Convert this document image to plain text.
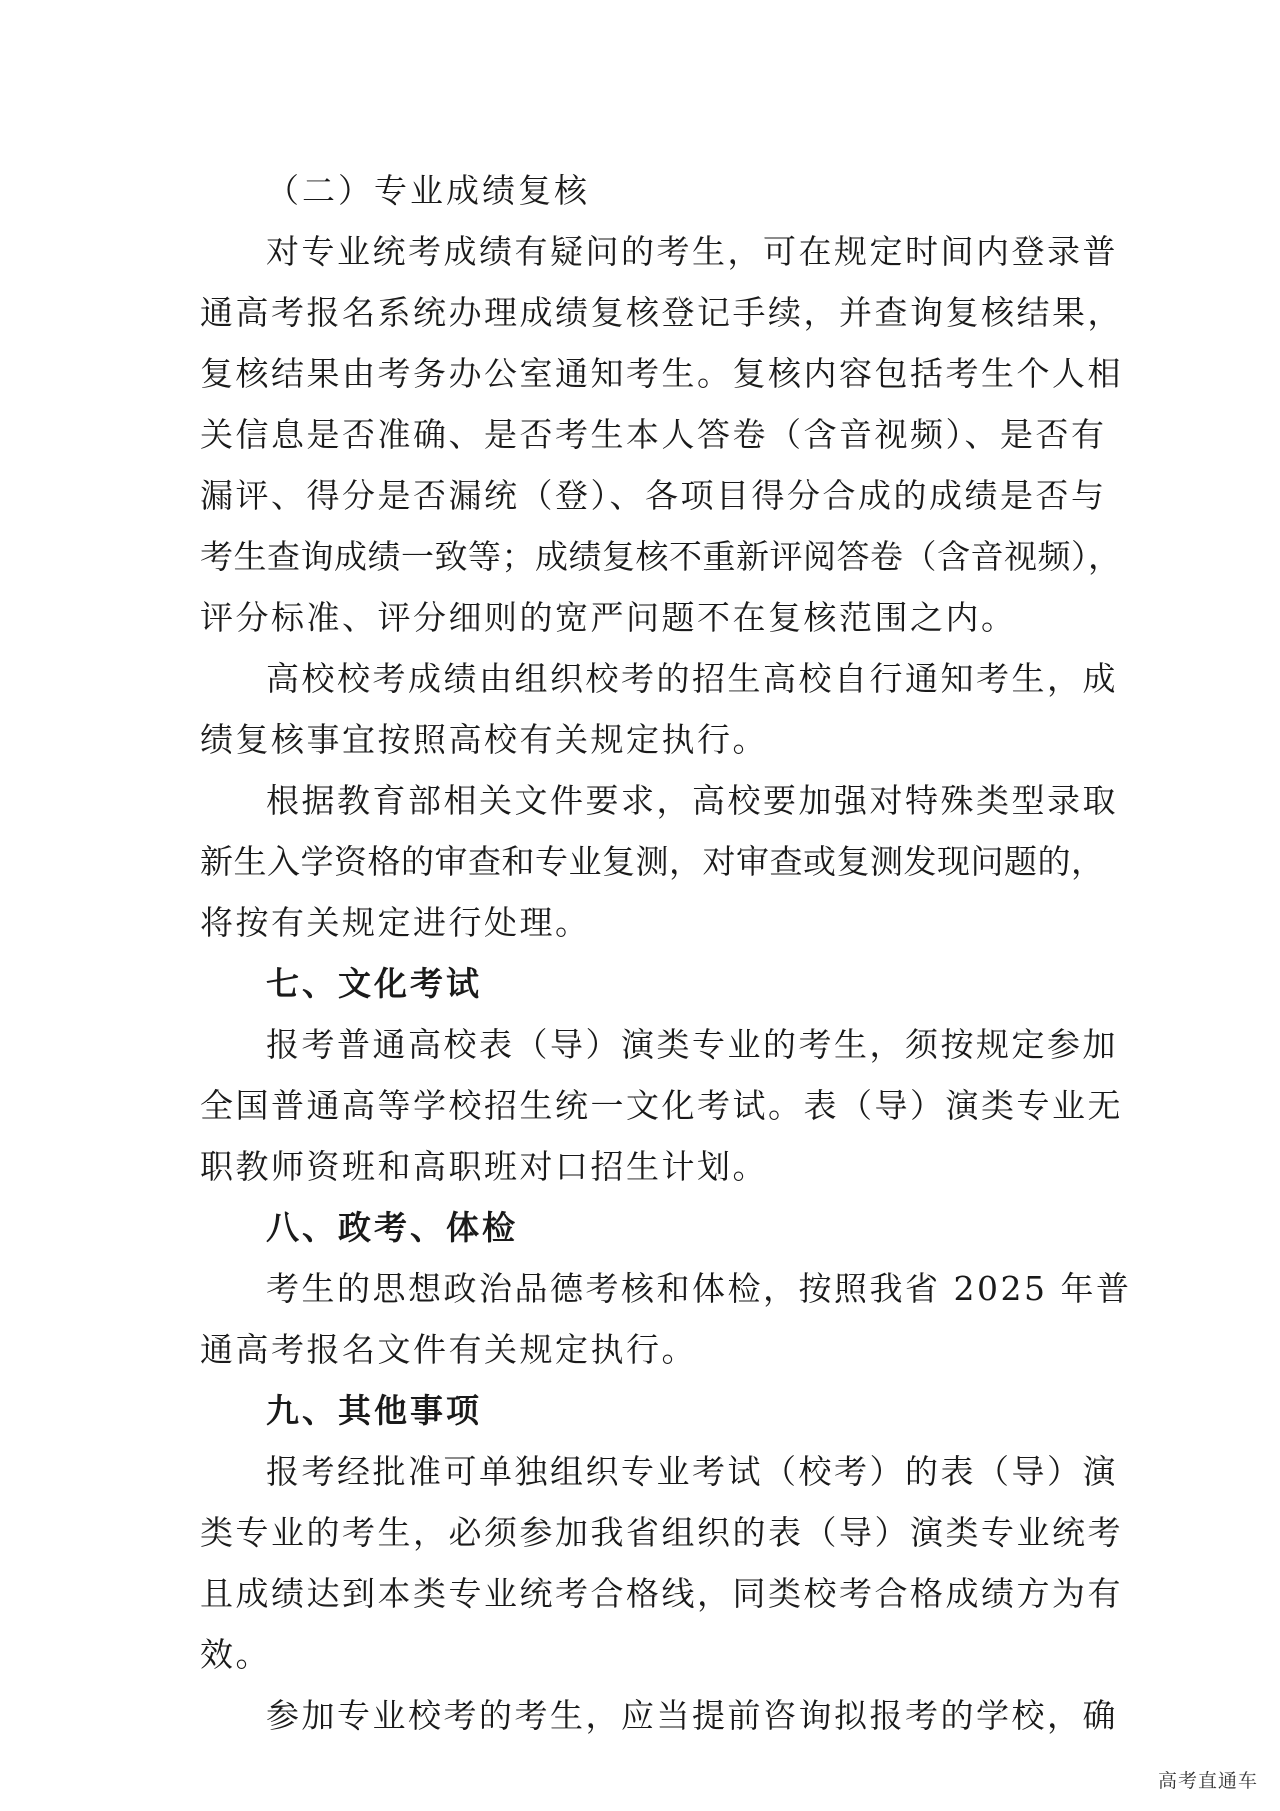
（二）专业成绩复核
对专业统考成绩有疑问的考生，可在规定时间内登录普
通高考报名系统办理成绩复核登记手续，并查询复核结果，
复核结果由考务办公室通知考生。复核内容包括考生个人相
关信息是否准确、是否考生本人答卷（含音视频）、是否有
漏评、得分是否漏统（登）、各项目得分合成的成绩是否与
考生查询成绩一致等；成绩复核不重新评阅答卷（含音视频），
评分标准、评分细则的宽严问题不在复核范围之内。
高校校考成绩由组织校考的招生高校自行通知考生，成
绩复核事宜按照高校有关规定执行。
根据教育部相关文件要求，高校要加强对特殊类型录取
新生入学资格的审查和专业复测，对审查或复测发现问题的，
将按有关规定进行处理。
七、文化考试
报考普通高校表（导）演类专业的考生，须按规定参加
全国普通高等学校招生统一文化考试。表（导）演类专业无
职教师资班和高职班对口招生计划。
八、政考、体检
考生的思想政治品德考核和体检，按照我省 2025 年普
通高考报名文件有关规定执行。
九、其他事项
报考经批准可单独组织专业考试（校考）的表（导）演
类专业的考生，必须参加我省组织的表（导）演类专业统考
且成绩达到本类专业统考合格线，同类校考合格成绩方为有
效。
参加专业校考的考生，应当提前咨询拟报考的学校，确
高考直通车
